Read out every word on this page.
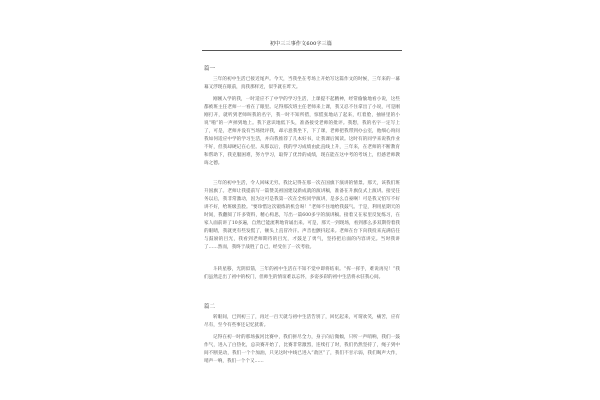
初中三三事作文600字三篇
篇一

三年的初中生活已接近尾声。今天，当我坐在考场上开始写这篇作文的时候，三年来的一幕幕又浮现在眼前，真我那样近，似乎就在昨天。

刚刚入学的我，一时适应不了中学的学习生活，上课提不起精神，经常偷偷地看小说，这些都被班主任老师一一看在了眼里。记得那次班主任老师来上课，我又忍不住拿出了小说，可是刚刚打开，就听到老师叫我的名字，我一时不知所措，惊慌张地站了起来，红着脸，抽屉里的小说“啪”的一声掉到地上。我下意识地低下头，准备接受老师的批评。我想，我的名字一定写上了，可是，老师并没有当场批评我，却示意我坐下，下了课，老师把我带到办公室，他细心询问我如何适应中学的学习生活，并向我推荐了几本好书，让我课后阅读。这时有的同学来说我作业不好，但我却硬记在心里。从那以后，我的学习成绩由此直线上升，三年来，在老师的不断教育和帮助下，我克服困难，努力学习，取得了优异的成绩，现在能在这中考的考场上，但感老师教诲之德。

三年的初中生活，令人回味无穷。我比记得在那一次在国旗下演讲的情景。那天，该我们班升国旗了。老师让我提前写一篇赞美祖国建设新成就的演讲稿，准备在升旗仪式上演讲。接受任务以后，我非常激动，因为这可是我第一次在全校同学演讲，是多么自豪啊！可是我又怕写不好讲不好，给班级丢脸。“要珍惜这次锻炼的机会呀！”老师不住地给我鼓气。于是，利用星期天的时间，我翻阅了许多资料，精心构思，写出一篇600多字的演讲稿。接着又在家里反复练习，在家人面前讲了10多遍，自然已能流利地背诵出来。可是，那天一到现场，看到那么多双期待着我的眼睛，我就更有些发慌了，额头上直冒冷汗。声音也颤抖起来。老师在台下向我投来充满信任与鼓励的目光，我看到老师期待的目光，才鼓足了勇气，坚持把后面的内容讲完。当时我讲了……然而，我终于战胜了自己，经受住了一次考验。

斗转星移，光阴似箭，三年的初中生活在不知不觉中即将结束。“挥一挥手，难说再见！”我们虽然走出了初中的校门，但师生的情谊难以忘怀，多姿多彩的初中生活将永驻我心间。

篇二

转眼间，已到初三了，再过一百天就与初中生活告别了，回忆起来，可谓欢笑，痛苦，应有尽有，至今有些事还记忆犹新。

记得在初一时的那场拔河比赛中，我们拼尽全力，身子向后微倾，只听一声哨响，我们一鼓作气，进入了白热化，总决赛开始了，比赛非常激烈，连续打了时，我们仍然坚持了，绳子到中间不断晃动，我们一个个加油，只见这时中线已进入“敌区”了，我们不甘示弱，我们喝声大作，哨声一响，我们一个个又……
